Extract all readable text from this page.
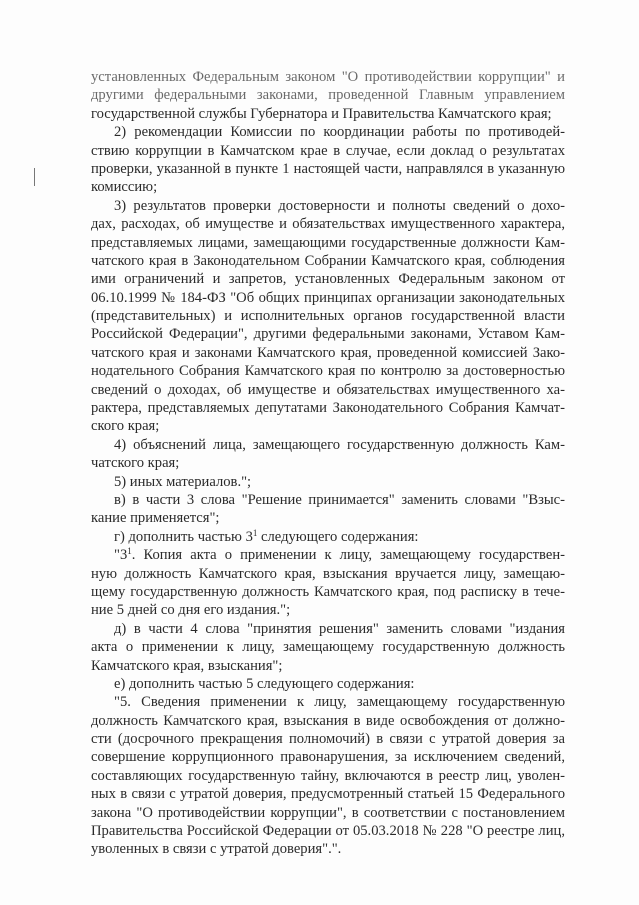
установленных Федеральным законом "О противодействии коррупции" и
другими федеральными законами, проведенной Главным управлением
государственной службы Губернатора и Правительства Камчатского края;
2) рекомендации Комиссии по координации работы по противодей-
ствию коррупции в Камчатском крае в случае, если доклад о результатах
проверки, указанной в пункте 1 настоящей части, направлялся в указанную
комиссию;
3) результатов проверки достоверности и полноты сведений о дохо-
дах, расходах, об имуществе и обязательствах имущественного характера,
представляемых лицами, замещающими государственные должности Кам-
чатского края в Законодательном Собрании Камчатского края, соблюдения
ими ограничений и запретов, установленных Федеральным законом от
06.10.1999 № 184-ФЗ "Об общих принципах организации законодательных
(представительных) и исполнительных органов государственной власти
Российской Федерации", другими федеральными законами, Уставом Кам-
чатского края и законами Камчатского края, проведенной комиссией Зако-
нодательного Собрания Камчатского края по контролю за достоверностью
сведений о доходах, об имуществе и обязательствах имущественного ха-
рактера, представляемых депутатами Законодательного Собрания Камчат-
ского края;
4) объяснений лица, замещающего государственную должность Кам-
чатского края;
5) иных материалов.";
в) в части 3 слова "Решение принимается" заменить словами "Взыс-
кание применяется";
г) дополнить частью $3^1$ следующего содержания:
"$3^1$. Копия акта о применении к лицу, замещающему государствен-
ную должность Камчатского края, взыскания вручается лицу, замещаю-
щему государственную должность Камчатского края, под расписку в тече-
ние 5 дней со дня его издания.";
д) в части 4 слова "принятия решения" заменить словами "издания
акта о применении к лицу, замещающему государственную должность
Камчатского края, взыскания";
е) дополнить частью 5 следующего содержания:
"5. Сведения применении к лицу, замещающему государственную
должность Камчатского края, взыскания в виде освобождения от должно-
сти (досрочного прекращения полномочий) в связи с утратой доверия за
совершение коррупционного правонарушения, за исключением сведений,
составляющих государственную тайну, включаются в реестр лиц, уволен-
ных в связи с утратой доверия, предусмотренный статьей 15 Федерального
закона "О противодействии коррупции", в соответствии с постановлением
Правительства Российской Федерации от 05.03.2018 № 228 "О реестре лиц,
уволенных в связи с утратой доверия".".
